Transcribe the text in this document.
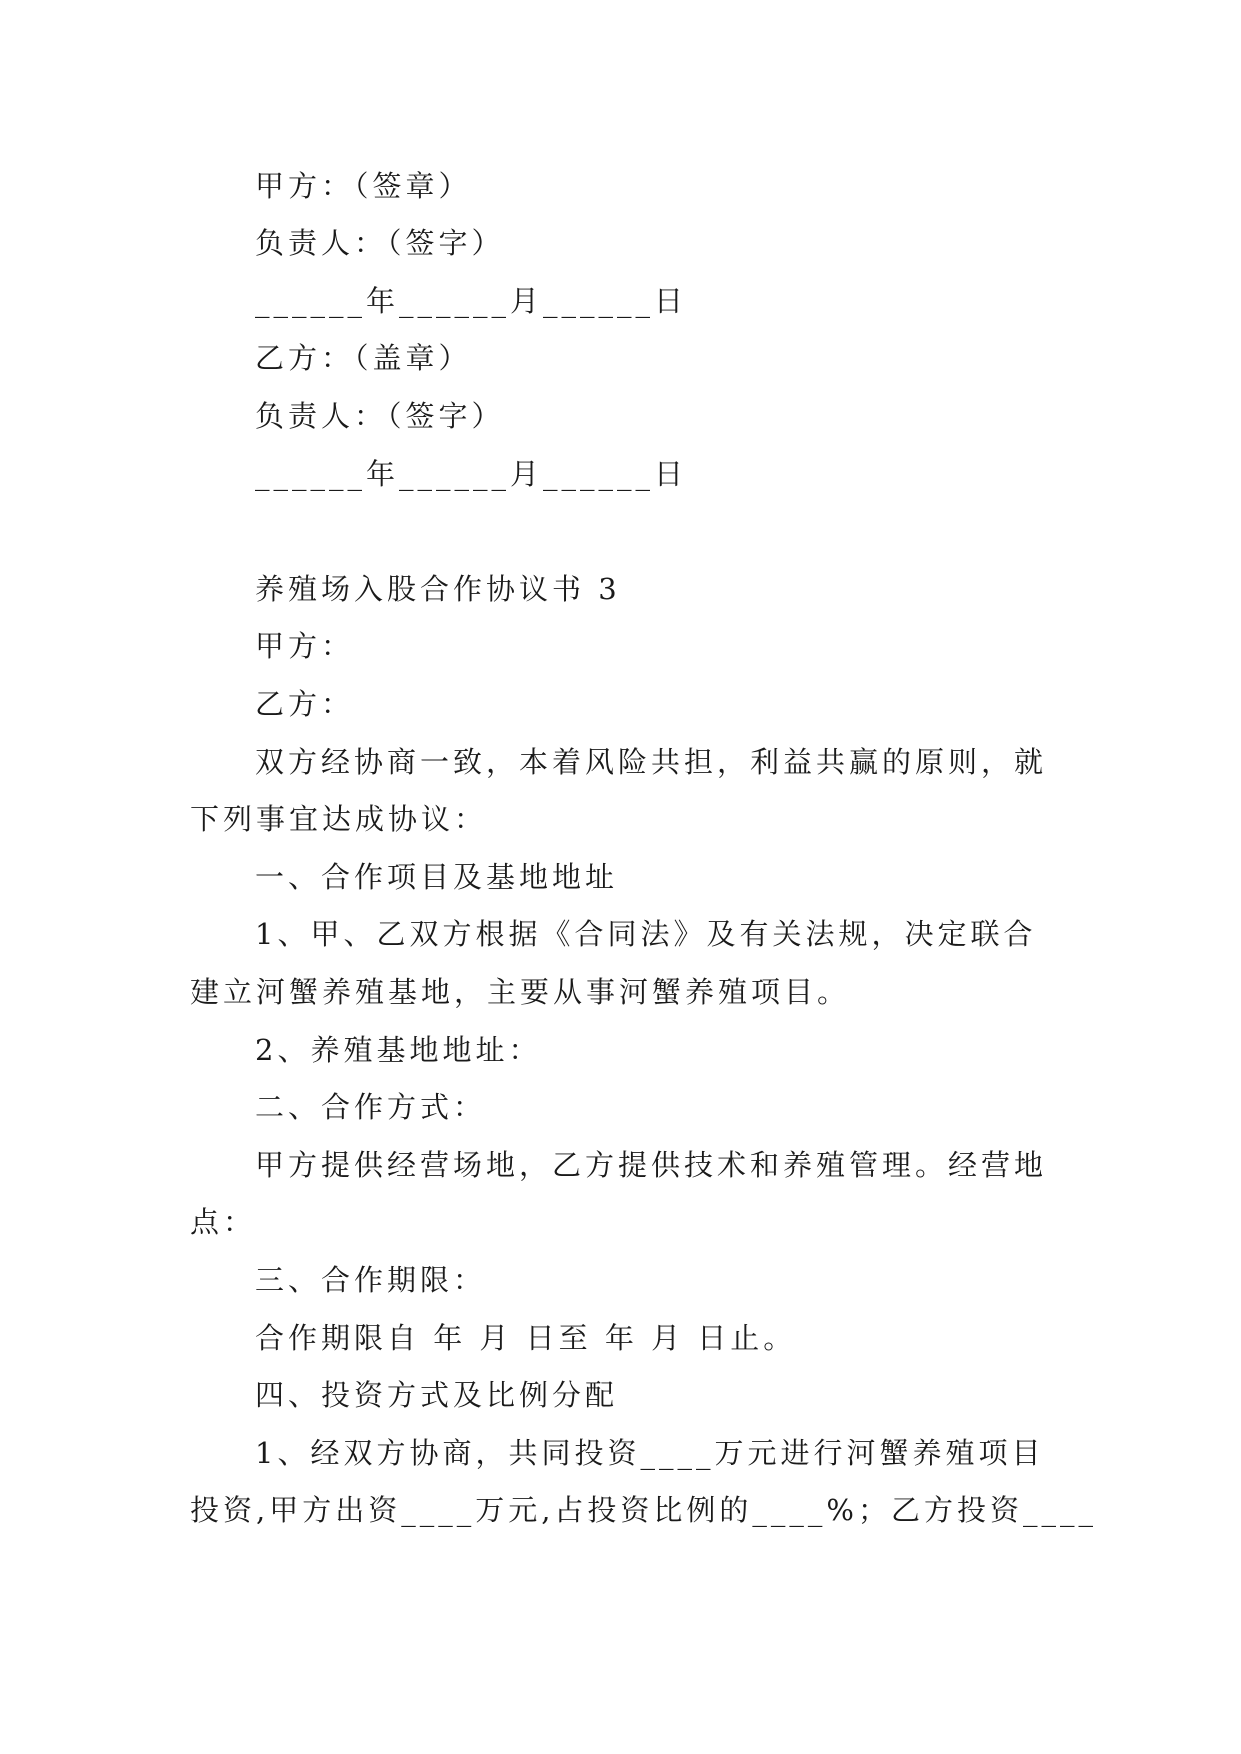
甲方：（签章）
负责人：（签字）
______年______月______日
乙方：（盖章）
负责人：（签字）
______年______月______日
养殖场入股合作协议书 3
甲方：
乙方：
双方经协商一致，本着风险共担，利益共赢的原则，就
下列事宜达成协议：
一、合作项目及基地地址
1、甲、乙双方根据《合同法》及有关法规，决定联合
建立河蟹养殖基地，主要从事河蟹养殖项目。
2、养殖基地地址：
二、合作方式：
甲方提供经营场地，乙方提供技术和养殖管理。经营地
点：
三、合作期限：
合作期限自 年 月 日至 年 月 日止。
四、投资方式及比例分配
1、经双方协商，共同投资____万元进行河蟹养殖项目
投资,甲方出资____万元,占投资比例的____%；乙方投资____
